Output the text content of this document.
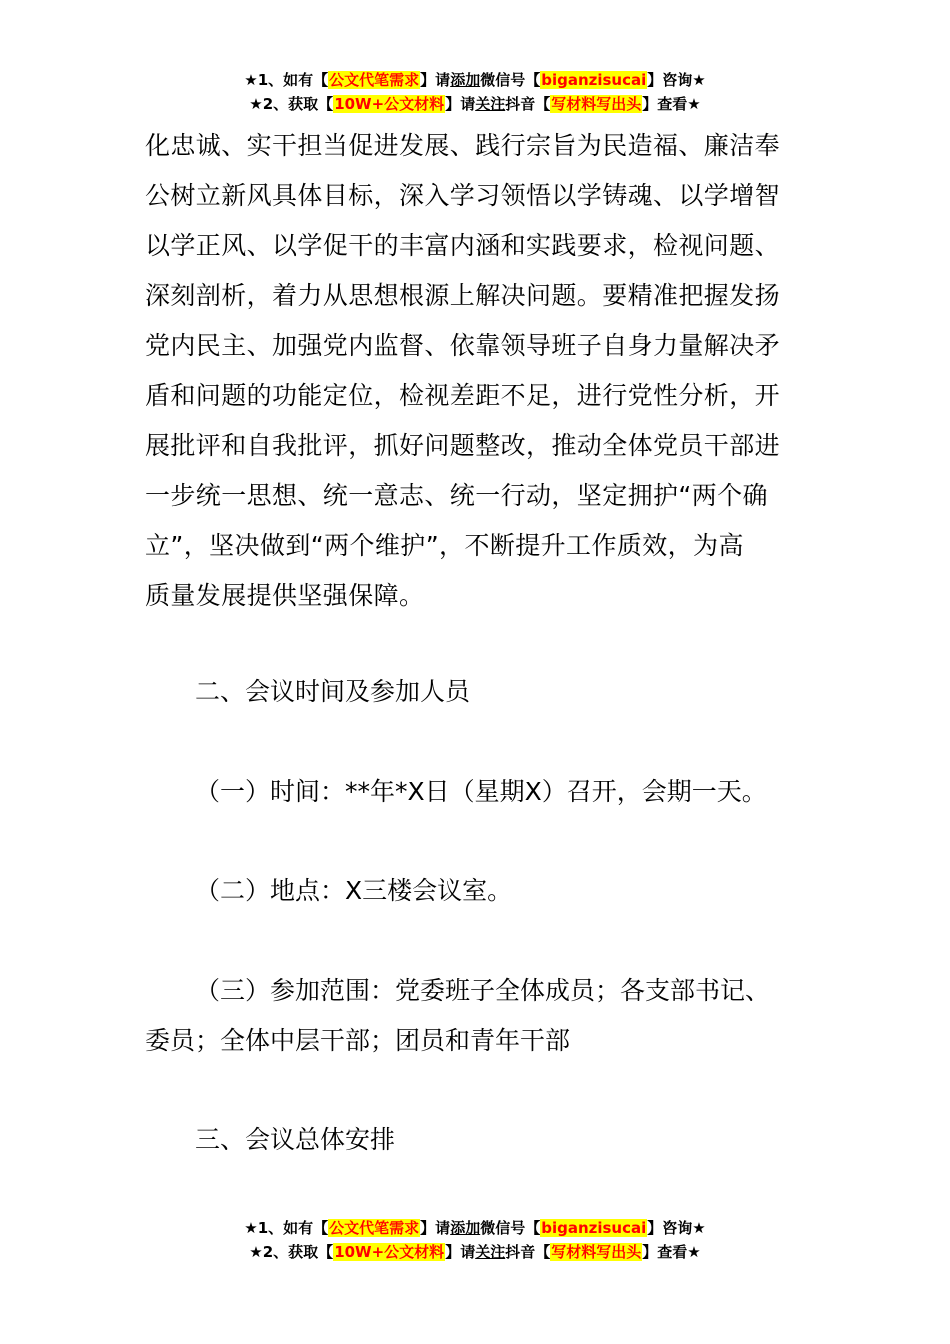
★1、如有【公文代笔需求】请添加微信号【biganzisucai】咨询★
★2、获取【10W+公文材料】请关注抖音【写材料写出头】查看★
化忠诚、实干担当促进发展、践行宗旨为民造福、廉洁奉
公树立新风具体目标，深入学习领悟以学铸魂、以学增智
以学正风、以学促干的丰富内涵和实践要求，检视问题、
深刻剖析，着力从思想根源上解决问题。要精准把握发扬
党内民主、加强党内监督、依靠领导班子自身力量解决矛
盾和问题的功能定位，检视差距不足，进行党性分析，开
展批评和自我批评，抓好问题整改，推动全体党员干部进
一步统一思想、统一意志、统一行动，坚定拥护“两个确
立”，坚决做到“两个维护”，不断提升工作质效，为高
质量发展提供坚强保障。
二、会议时间及参加人员
（一）时间：**年*X日（星期X）召开，会期一天。
（二）地点：X三楼会议室。
（三）参加范围：党委班子全体成员；各支部书记、
委员；全体中层干部；团员和青年干部
三、会议总体安排
★1、如有【公文代笔需求】请添加微信号【biganzisucai】咨询★
★2、获取【10W+公文材料】请关注抖音【写材料写出头】查看★
